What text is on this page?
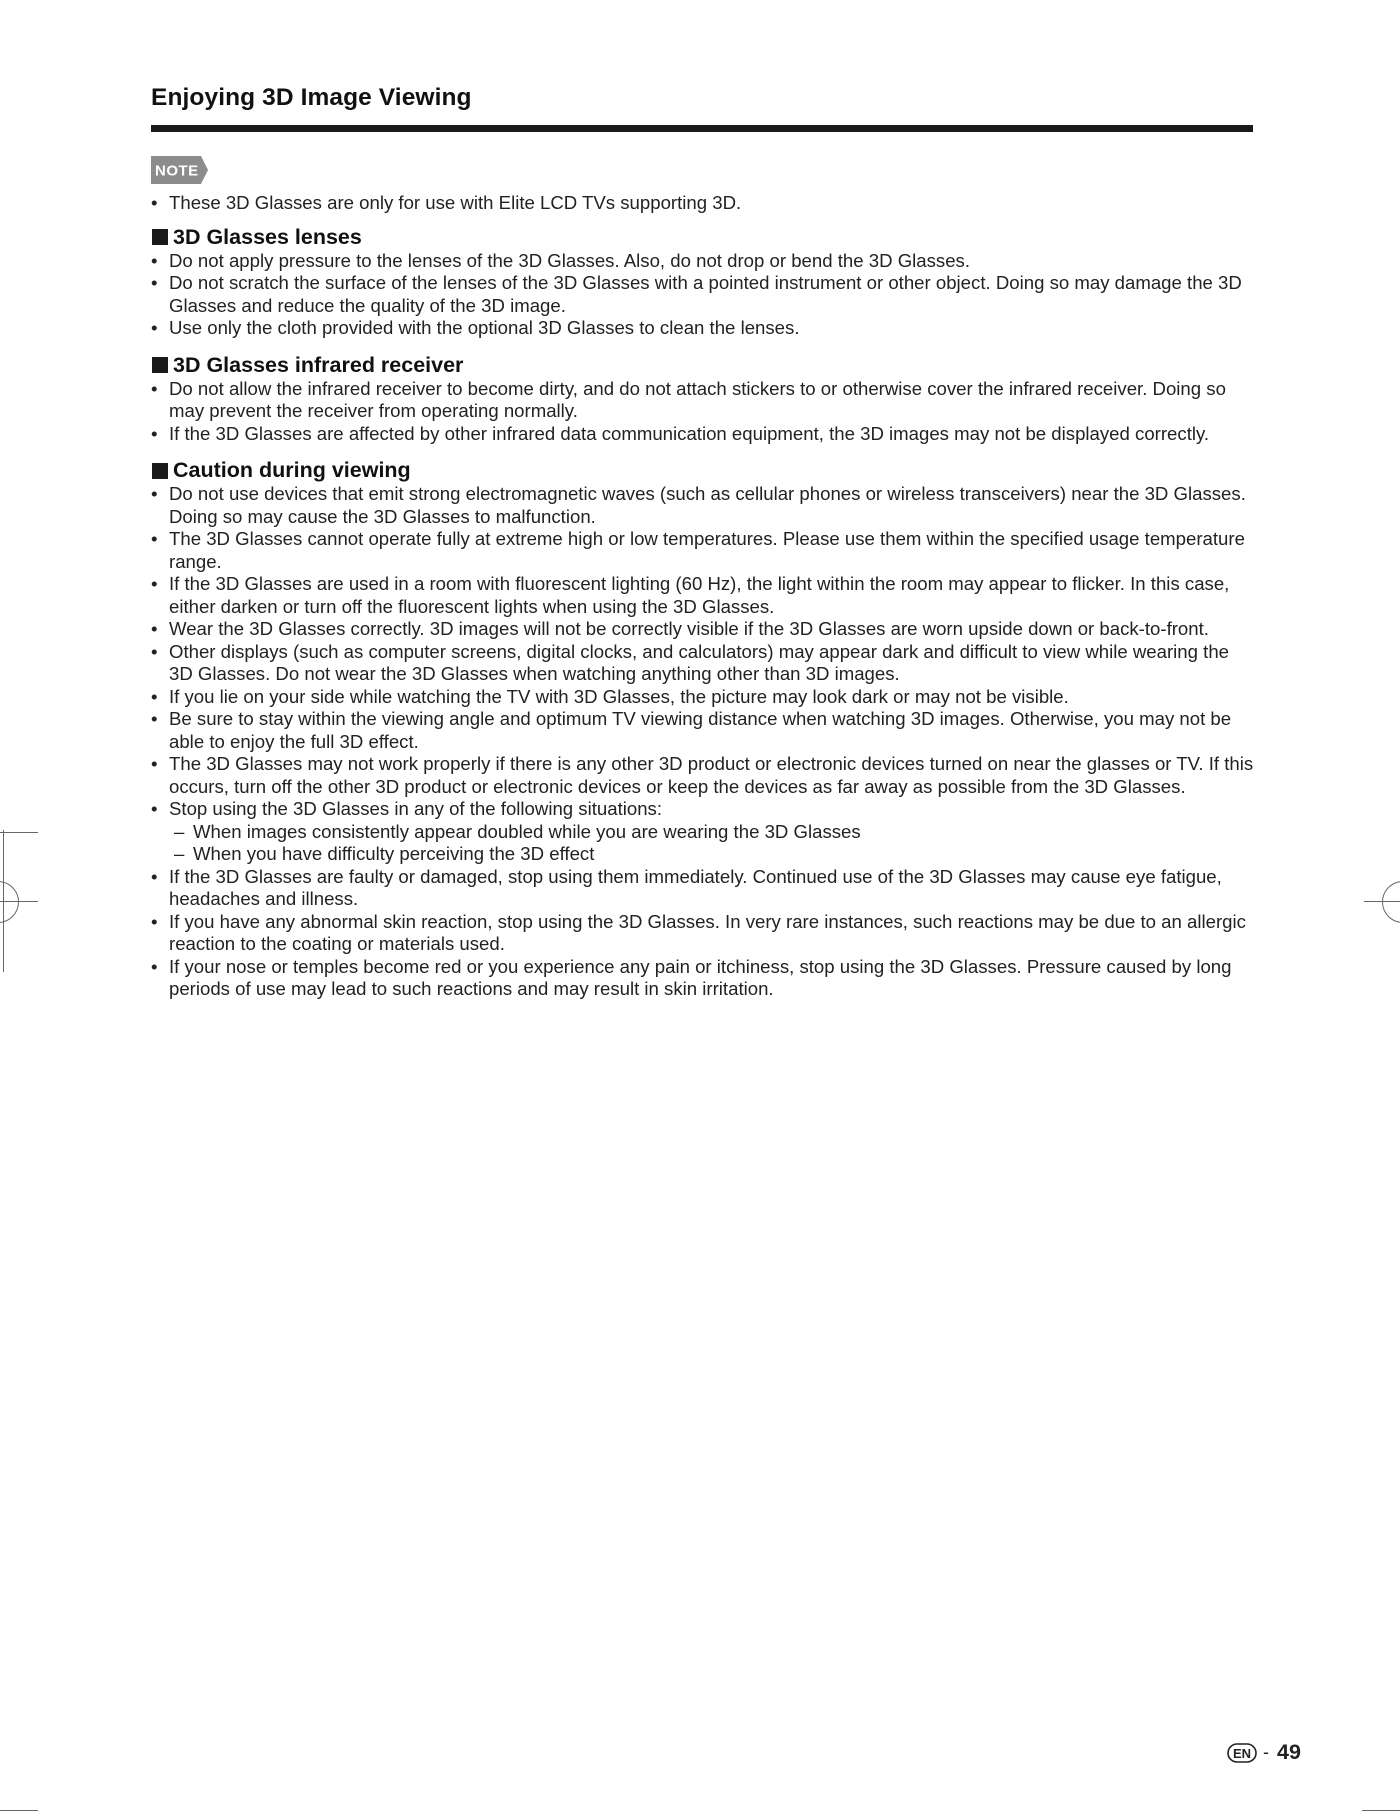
Enjoying 3D Image Viewing
NOTE
• These 3D Glasses are only for use with Elite LCD TVs supporting 3D.
3D Glasses lenses
• Do not apply pressure to the lenses of the 3D Glasses. Also, do not drop or bend the 3D Glasses.
• Do not scratch the surface of the lenses of the 3D Glasses with a pointed instrument or other object. Doing so may damage the 3D Glasses and reduce the quality of the 3D image.
• Use only the cloth provided with the optional 3D Glasses to clean the lenses.
3D Glasses infrared receiver
• Do not allow the infrared receiver to become dirty, and do not attach stickers to or otherwise cover the infrared receiver. Doing so may prevent the receiver from operating normally.
• If the 3D Glasses are affected by other infrared data communication equipment, the 3D images may not be displayed correctly.
Caution during viewing
• Do not use devices that emit strong electromagnetic waves (such as cellular phones or wireless transceivers) near the 3D Glasses. Doing so may cause the 3D Glasses to malfunction.
• The 3D Glasses cannot operate fully at extreme high or low temperatures. Please use them within the specified usage temperature range.
• If the 3D Glasses are used in a room with fluorescent lighting (60 Hz), the light within the room may appear to flicker. In this case, either darken or turn off the fluorescent lights when using the 3D Glasses.
• Wear the 3D Glasses correctly. 3D images will not be correctly visible if the 3D Glasses are worn upside down or back-to-front.
• Other displays (such as computer screens, digital clocks, and calculators) may appear dark and difficult to view while wearing the 3D Glasses. Do not wear the 3D Glasses when watching anything other than 3D images.
• If you lie on your side while watching the TV with 3D Glasses, the picture may look dark or may not be visible.
• Be sure to stay within the viewing angle and optimum TV viewing distance when watching 3D images. Otherwise, you may not be able to enjoy the full 3D effect.
• The 3D Glasses may not work properly if there is any other 3D product or electronic devices turned on near the glasses or TV. If this occurs, turn off the other 3D product or electronic devices or keep the devices as far away as possible from the 3D Glasses.
• Stop using the 3D Glasses in any of the following situations:
– When images consistently appear doubled while you are wearing the 3D Glasses
– When you have difficulty perceiving the 3D effect
• If the 3D Glasses are faulty or damaged, stop using them immediately. Continued use of the 3D Glasses may cause eye fatigue, headaches and illness.
• If you have any abnormal skin reaction, stop using the 3D Glasses. In very rare instances, such reactions may be due to an allergic reaction to the coating or materials used.
• If your nose or temples become red or you experience any pain or itchiness, stop using the 3D Glasses. Pressure caused by long periods of use may lead to such reactions and may result in skin irritation.
EN - 49
